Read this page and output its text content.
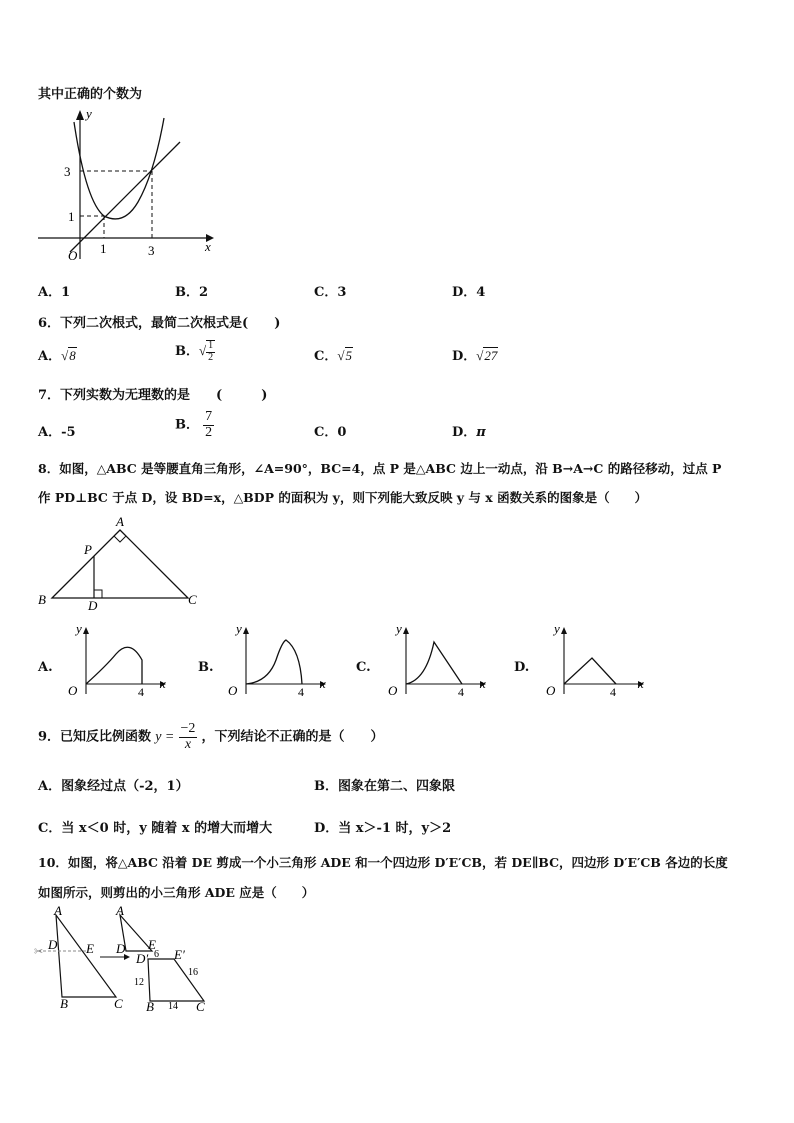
其中正确的个数为
y
x
O
3
1
1	3
A．1	B．2	C．3	D．4
6．下列二次根式，最简二次根式是(　　)
A．√8	B．√ $\frac{1}{2}$	C．√5	D．√27
7．下列实数为无理数的是　　(　　　)
A．-5	B． $\frac{7}{2}$	C．0	D．π
8．如图，△ABC 是等腰直角三角形，∠A=90°，BC=4，点 P 是△ABC 边上一动点，沿 B→A→C 的路径移动，过点 P
作 PD⊥BC 于点 D，设 BD=x，△BDP 的面积为 y，则下列能大致反映 y 与 x 函数关系的图象是（　　）
A
B	C
P
D
A.
y
x
O	4
B.
y
x
O	4
C.
y
x
O	4
D.
y
x
O	4
9．已知反比例函数 $y = \frac{-2}{x}$ ，下列结论不正确的是（　　）
A．图象经过点（-2，1）	B．图象在第二、四象限
C．当 x＜0 时，y 随着 x 的增大而增大	D．当 x＞-1 时，y＞2
10．如图，将△ABC 沿着 DE 剪成一个小三角形 ADE 和一个四边形 D′E′CB，若 DE∥BC，四边形 D′E′CB 各边的长度
如图所示，则剪出的小三角形 ADE 应是（　　）
✂
A
D E
B	C
A
D E
D′ E′
6
12
16
14
B	C
